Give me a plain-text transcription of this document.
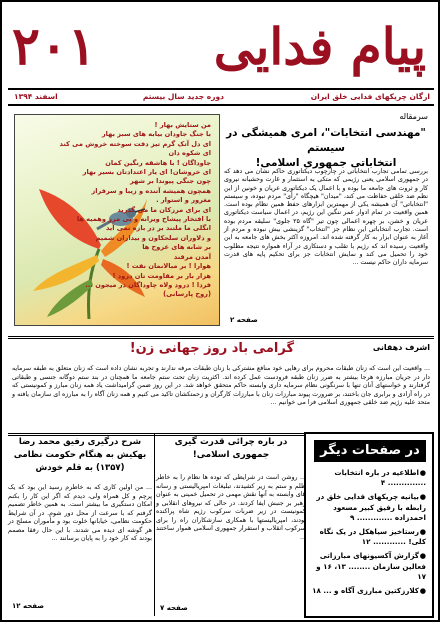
۲۰۱	پیام فدایی
ارگان چریکهای فدایی خلق ایران
دوره جدید سال بیستم
اسفند ۱۳۹۴
من ستایش بهار !
با جنگ جاودان بیابه های سبز بهار
ای دل آتک گرم تیز دفت سوخته خروش می کند
ای شکوه دان
جاوداگان ! با هاشقه رنگین کمان
ای خروشان! ای یار اعتدادتان بسیر بهار
چون جنگی پیوندا بر شهر
همچون همیشه آتنده و زیبا و سرفراز
مغرور و استوار .
ای برای مرزکان ما می گذرید
با افتخار پیشاخ ویرانه و بی مرز وهمیه ها
انگلی ما ملتند بر در بازه نمی آید
و دلاوران سلحکاون و بیداران شمیم
بر شانه های عروح ها
آمدن مرقند
هوارا ! بر مبالانمان نفت !
هزار بار بر مقاومت تان درود !
فردا ! درود ولاه چاوداگان در میجون ...
(روح پارسانی)
سرمقاله
"مهندسی انتخابات"، امری همیشگی در سیستم
انتخاباتی جمهوری اسلامی!
بررسی تمامی تجارب انتخاباتی در چارچوب دیکتاتوری حاکم نشان می دهد که در جمهوری اسلامی یعنی رژیمی که متکی به استثمار و غارت وحشیانه نیروی کار و ثروت های جامعه ما بوده و با اعمال یک دیکتاتوری عریان و خونین از این نظم ضد خلقی حفاظت می کند، "میدان" هیچگاه "رأی" مردم نبوده، و سیستم "انتخاباتی" آن همیشه یکی از مهمترین ابزارهای حفظ همین نظام بوده است. همین واقعیت در تمام ادوار عمر ننگین این رژیم، در اعمال سیاست دیکتاتوری عریان و خشن، بر چهره اعمالی چون تیر "گاه ۲۵ جلوی" سلیقه مردم بوده است. تجارب انتخاباتی این نظام جز "انتخاب" گزینشی بیش نبوده و مردم از آغاز به عنوان ابزار به کار گرفته شده اند. امروزه اکثر بخش های جامعه به این واقعیت رسیده اند که رژیم با تقلب و دستکاری در آراء همواره نتیجه مطلوب خود را تحمیل می کند و نمایش انتخابات جز برای تحکیم پایه های قدرت سرمایه داران حاکم نیست ...
صفحه ۲
اشرف دهقانی
گرامی باد روز جهانی زن!
... واقعیت این است که زنان طبقات محروم برای رهایی خود منافع مشترکی با زنان طبقات مرفه ندارند و تجربه نشان داده است که زنان متعلق به طبقه سرمایه دار در جریان مبارزه هرجا بیشتر به ضرر زنان طبقه فرودست عمل کرده اند. اکثریت زنان تحت ستم جامعه ما همچنان در بند ستم دوگانه جنسی و طبقاتی گرفتارند و خواستهای آنان تنها با سرنگونی نظام سرمایه داری وابسته حاکم متحقق خواهد شد. در این روز ضمن گرامیداشت یاد همه زنان مبارز و کمونیستی که در راه آزادی و برابری جان باختند، بر ضرورت پیوند مبارزات زنان با مبارزات کارگران و زحمتکشان تاکید می کنیم و همه زنان آگاه را به مبارزه ای سازمان یافته و متحد علیه رژیم ضد خلقی جمهوری اسلامی فرا می خوانیم ...
در صفحات دیگر
●اطلاعیه در باره انتخابات .............. ۴
●بیانیه چریکهای فدایی خلق در رابطه با رفیق کبیر مسعود احمدزاده ............. ۹
●رستاخیز سیاهکل در یک نگاه کلی! ............ ۱۲
●گزارش آکسیونهای مبارزاتی فعالین سازمان ........ ۱۳، ۱۶ و ۱۷
●کلارزکتین مبارزی آگاه و ... ۱۸
در باره چرائی قدرت گیری
جمهوری اسلامی!
... روشن است در شرایطی که توده ها نظام را به خاطر ظلم و ستم به زیر کشیدند، تبلیغات امپریالیستی و رسانه های وابسته به آنها نقش مهمی در تحمیل خمینی به عنوان رهبر بر جنبش ایفا کردند. در حالی که نیروهای انقلابی و کمونیست در زیر ضربات سرکوب رژیم شاه پراکنده بودند، امپریالیستها با همکاری سازشکاران راه را برای سرکوب انقلاب و استقرار جمهوری اسلامی هموار ساختند ...
صفحه ۷
شرح درگیری رفیق محمد رضا
بهکیش به هنگام حکومت نظامی
(۱۳۵۷) به قلم خودش
... من اولین کاری که به خاطرم رسید این بود که یک پرچم و کل همراه ولی، دیدم که اگر این کار را بکنم امکان دستگیری ما بیشتر است. به همین خاطر تصمیم گرفتم که با سرعت از محل دور شوم. در آن شرایط حکومت نظامی، خیابانها خلوت بود و مأموران مسلح در هر گوشه ای دیده می شدند. با این حال رفقا مصمم بودند که کار خود را به پایان برسانند ...
صفحه ۱۲
